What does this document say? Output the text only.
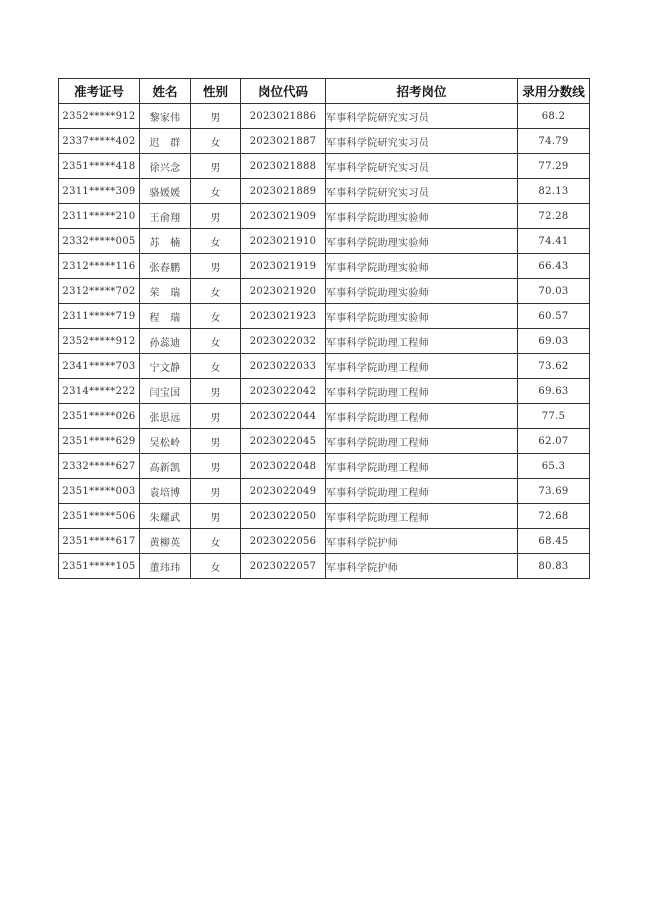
准考证号	姓名	性别	岗位代码	招考岗位	录用分数线
2352*****912	黎家伟	男	2023021886	军事科学院研究实习员	68.2
2337*****402	迟　群	女	2023021887	军事科学院研究实习员	74.79
2351*****418	徐兴念	男	2023021888	军事科学院研究实习员	77.29
2311*****309	骆媛媛	女	2023021889	军事科学院研究实习员	82.13
2311*****210	王俞翔	男	2023021909	军事科学院助理实验师	72.28
2332*****005	苏　楠	女	2023021910	军事科学院助理实验师	74.41
2312*****116	张春鹏	男	2023021919	军事科学院助理实验师	66.43
2312*****702	荣　瑞	女	2023021920	军事科学院助理实验师	70.03
2311*****719	程　瑞	女	2023021923	军事科学院助理实验师	60.57
2352*****912	孙蕊迪	女	2023022032	军事科学院助理工程师	69.03
2341*****703	宁文静	女	2023022033	军事科学院助理工程师	73.62
2314*****222	闫宝国	男	2023022042	军事科学院助理工程师	69.63
2351*****026	张思远	男	2023022044	军事科学院助理工程师	77.5
2351*****629	吴松岭	男	2023022045	军事科学院助理工程师	62.07
2332*****627	高新凯	男	2023022048	军事科学院助理工程师	65.3
2351*****003	袁培博	男	2023022049	军事科学院助理工程师	73.69
2351*****506	朱耀武	男	2023022050	军事科学院助理工程师	72.68
2351*****617	黄柳英	女	2023022056	军事科学院护师	68.45
2351*****105	董玮玮	女	2023022057	军事科学院护师	80.83
